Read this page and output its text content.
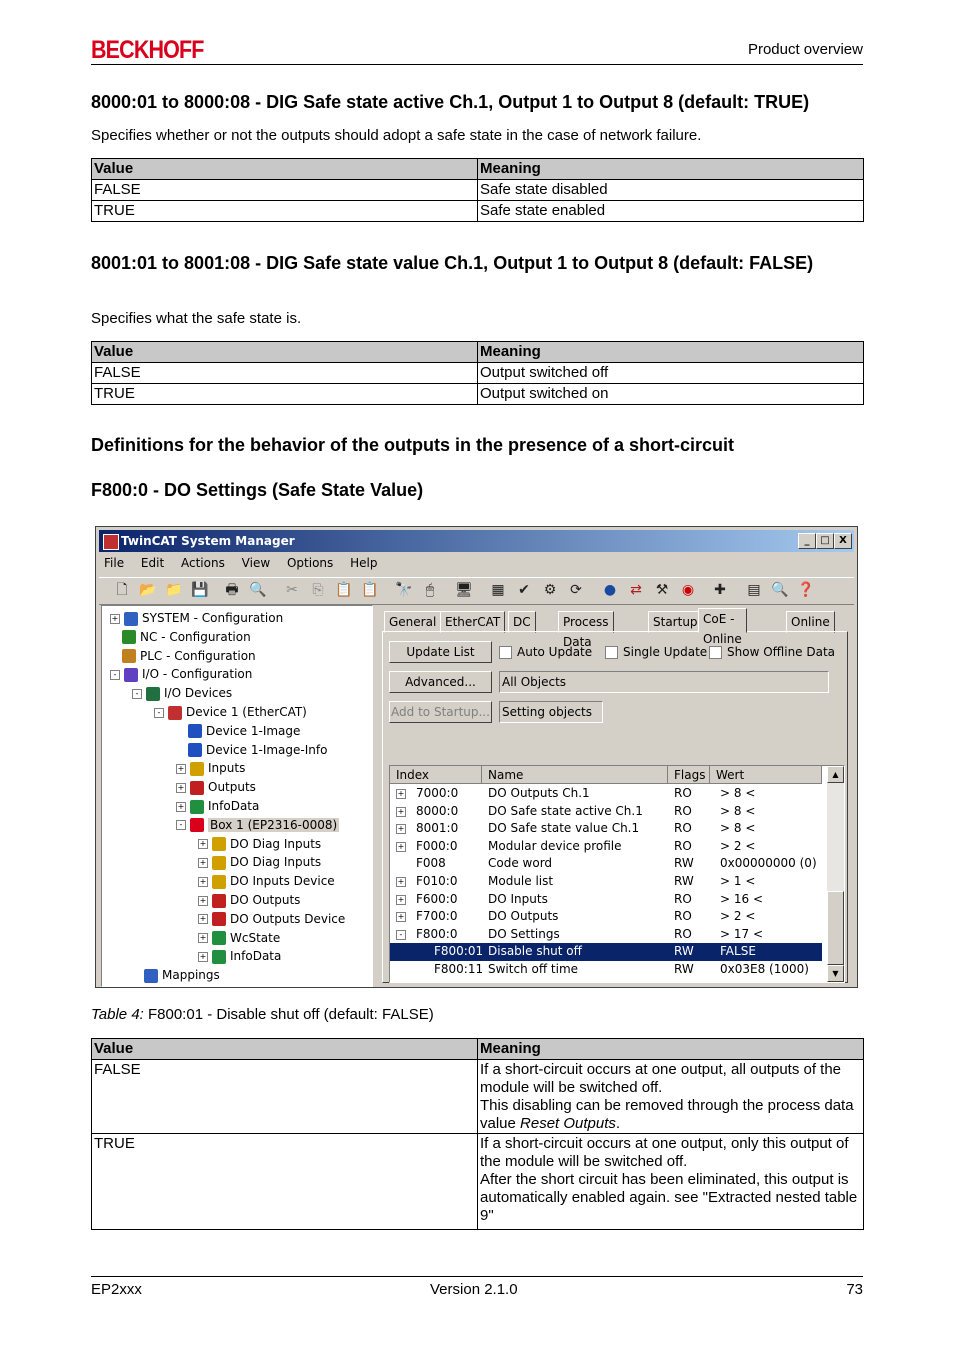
BECKHOFF	Product overview
8000:01 to 8000:08 - DIG Safe state active Ch.1, Output 1 to Output 8 (default: TRUE)

Specifies whether or not the outputs should adopt a safe state in the case of network failure.

Value	Meaning
FALSE	Safe state disabled
TRUE	Safe state enabled
8001:01 to 8001:08 - DIG Safe state value Ch.1, Output 1 to Output 8 (default: FALSE)

Specifies what the safe state is.

Value	Meaning
FALSE	Output switched off
TRUE	Output switched on
Definitions for the behavior of the outputs in the presence of a short-circuit
F800:0 - DO Settings (Safe State Value)
TwinCAT System Manager	_	□ X
File Edit Actions View Options Help
🗋 📂 📁 💾 🖶 🔍 ✂ ⎘ 📋 📋 🔭 🖱	🖥 ▦ ✔ ⚙ ⟳ ● ⇄ ⚒ ◉ ✚ ▤ 🔍 ❓
+ SYSTEM - Configuration
NC - Configuration
PLC - Configuration
- I/O - Configuration
- I/O Devices
- Device 1 (EtherCAT)
Device 1-Image
Device 1-Image-Info
+ Inputs
+ Outputs
+ InfoData
- Box 1 (EP2316-0008)
+ DO Diag Inputs
+ DO Diag Inputs
+ DO Inputs Device
+ DO Outputs
+ DO Outputs Device
+ WcState
+ InfoData
Mappings
General EtherCAT	DC	Process Data
Startup CoE - Online
Online
Update List	Auto Update	Single Update	Show Offline Data
Advanced...	All Objects
Add to Startup... Setting objects
Index	Name	Flags Wert
+ 7000:0 DO Outputs Ch.1	RO > 8 <
+ 8000:0 DO Safe state active Ch.1	RO > 8 <
+ 8001:0 DO Safe state value Ch.1	RO > 8 <
+ F000:0	Modular device profile	RO > 2 <
F008	Code word	RW 0x00000000 (0)
+ F010:0	Module list	RW > 1 <
+ F600:0	DO Inputs	RO > 16 <
+ F700:0	DO Outputs	RO > 2 <
- F800:0	DO Settings	RO > 17 <
F800:01 Disable shut off	RW FALSE
F800:11 Switch off time	RW 0x03E8 (1000)
▲
▼
Table 4: F800:01 - Disable shut off (default: FALSE)
Value	Meaning
FALSE	If a short-circuit occurs at one output, all outputs of the module will be switched off.
This disabling can be removed through the process data value Reset Outputs.

TRUE	If a short-circuit occurs at one output, only this output of the module will be switched off.
After the short circuit has been eliminated, this output is automatically enabled again. see "Extracted nested table 9"
EP2xxx	Version 2.1.0	73
